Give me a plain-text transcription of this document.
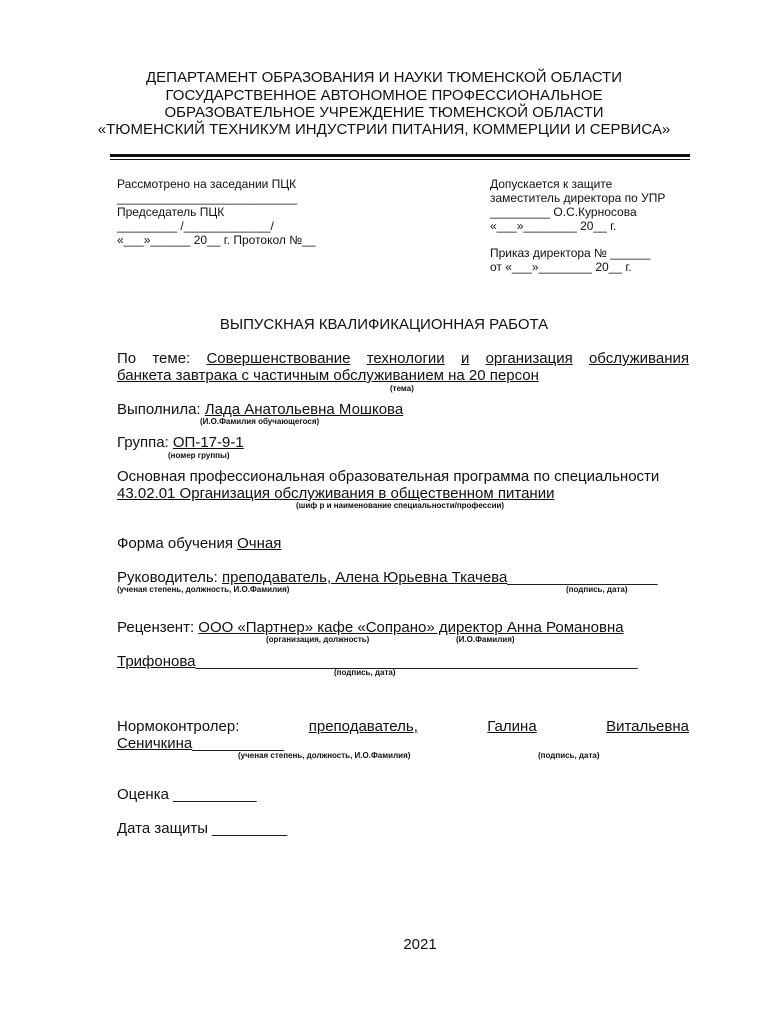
ДЕПАРТАМЕНТ ОБРАЗОВАНИЯ И НАУКИ ТЮМЕНСКОЙ ОБЛАСТИ
ГОСУДАРСТВЕННОЕ АВТОНОМНОЕ ПРОФЕССИОНАЛЬНОЕ
ОБРАЗОВАТЕЛЬНОЕ УЧРЕЖДЕНИЕ ТЮМЕНСКОЙ ОБЛАСТИ
«ТЮМЕНСКИЙ ТЕХНИКУМ ИНДУСТРИИ ПИТАНИЯ, КОММЕРЦИИ И СЕРВИСА»
Рассмотрено на заседании ПЦК
___________________________
Председатель ПЦК
_________ /_____________/
«___»______ 20__ г. Протокол №__
Допускается к защите
заместитель директора по УПР
_________ О.С.Курносова
«___»________ 20__ г.
Приказ директора № ______
от «___»________ 20__ г.
ВЫПУСКНАЯ КВАЛИФИКАЦИОННАЯ РАБОТА
По теме: Совершенствование технологии и организация обслуживания
банкета завтрака с частичным обслуживанием на 20 персон
(тема)
Выполнила: Лада Анатольевна Мошкова
(И.О.Фамилия обучающегося)
Группа: ОП-17-9-1
(номер группы)
Основная профессиональная образовательная программа по специальности
43.02.01 Организация обслуживания в общественном питании
(шиф р и наименование специальности/профессии)
Форма обучения Очная
Руководитель: преподаватель, Алена Юрьевна Ткачева__________________
(ученая степень, должность, И.О.Фамилия)	(подпись, дата)
Рецензент: ООО «Партнер» кафе «Сопрано» директор Анна Романовна
(организация, должность)	(И.О.Фамилия)
Трифонова_____________________________________________________
(подпись, дата)
Нормоконтролер:	преподаватель,	Галина	Витальевна
Сеничкина___________
(ученая степень, должность, И.О.Фамилия)	(подпись, дата)
Оценка __________
Дата защиты _________
2021
